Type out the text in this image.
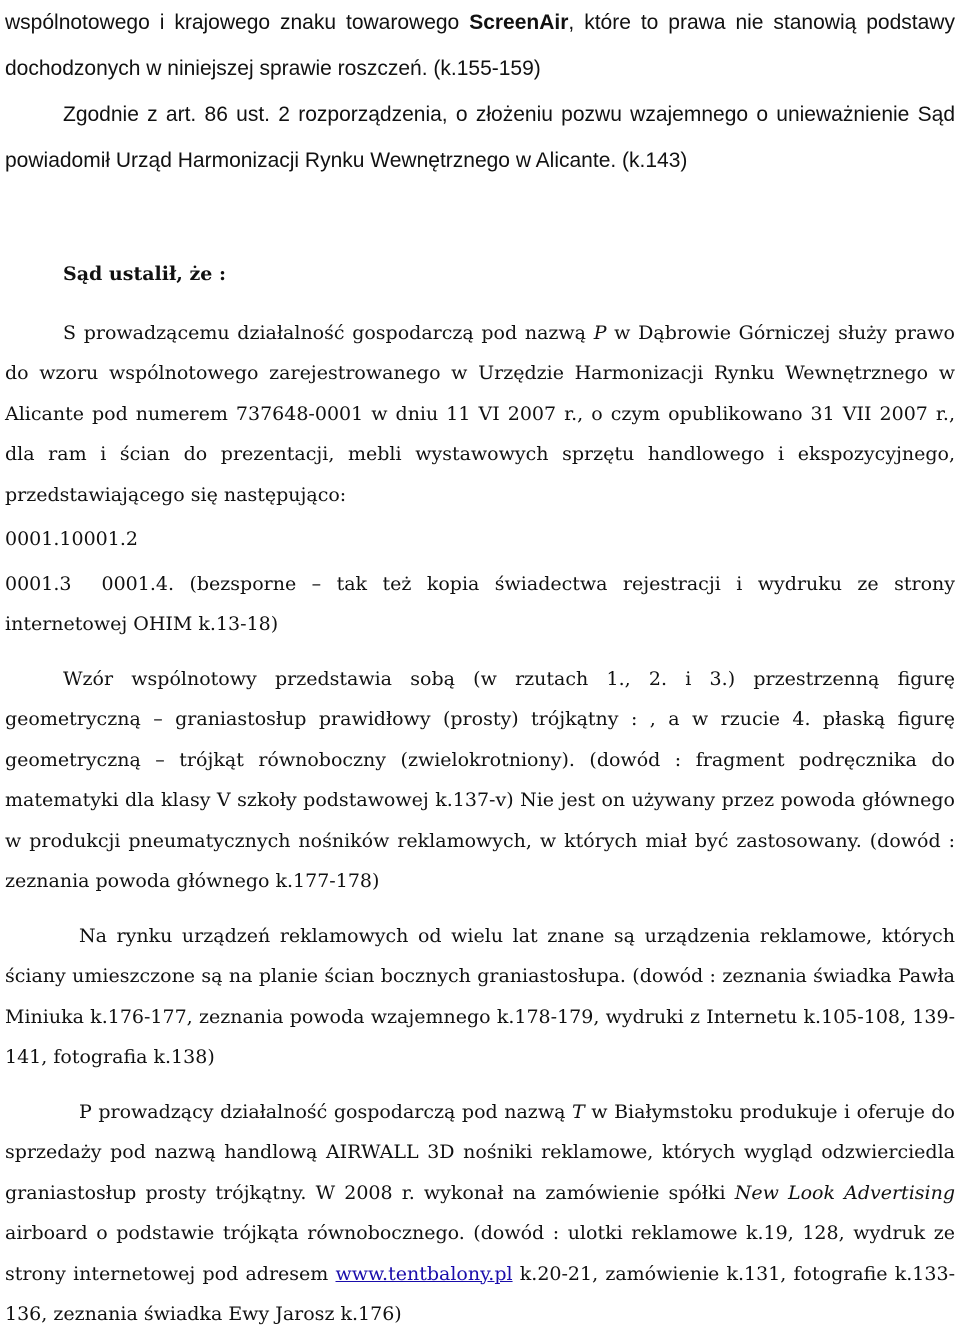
wspólnotowego i krajowego znaku towarowego ScreenAir, które to prawa nie stanowią podstawy dochodzonych w niniejszej sprawie roszczeń. (k.155-159)

Zgodnie z art. 86 ust. 2 rozporządzenia, o złożeniu pozwu wzajemnego o unieważnienie Sąd powiadomił Urząd Harmonizacji Rynku Wewnętrznego w Alicante. (k.143)

Sąd ustalił, że :

S prowadzącemu działalność gospodarczą pod nazwą P w Dąbrowie Górniczej służy prawo do wzoru wspólnotowego zarejestrowanego w Urzędzie Harmonizacji Rynku Wewnętrznego w Alicante pod numerem 737648-0001 w dniu 11 VI 2007 r., o czym opublikowano 31 VII 2007 r., dla ram i ścian do prezentacji, mebli wystawowych sprzętu handlowego i ekspozycyjnego, przedstawiającego się następująco:

0001.10001.2

0001.3 0001.4. (bezsporne – tak też kopia świadectwa rejestracji i wydruku ze strony internetowej OHIM k.13-18)

Wzór wspólnotowy przedstawia sobą (w rzutach 1., 2. i 3.) przestrzenną figurę geometryczną – graniastosłup prawidłowy (prosty) trójkątny : , a w rzucie 4. płaską figurę geometryczną – trójkąt równoboczny (zwielokrotniony). (dowód : fragment podręcznika do matematyki dla klasy V szkoły podstawowej k.137-v) Nie jest on używany przez powoda głównego w produkcji pneumatycznych nośników reklamowych, w których miał być zastosowany. (dowód : zeznania powoda głównego k.177-178)

Na rynku urządzeń reklamowych od wielu lat znane są urządzenia reklamowe, których ściany umieszczone są na planie ścian bocznych graniastosłupa. (dowód : zeznania świadka Pawła Miniuka k.176-177, zeznania powoda wzajemnego k.178-179, wydruki z Internetu k.105-108, 139-141, fotografia k.138)

P prowadzący działalność gospodarczą pod nazwą T w Białymstoku produkuje i oferuje do sprzedaży pod nazwą handlową AIRWALL 3D nośniki reklamowe, których wygląd odzwierciedla graniastosłup prosty trójkątny. W 2008 r. wykonał na zamówienie spółki New Look Advertising airboard o podstawie trójkąta równobocznego. (dowód : ulotki reklamowe k.19, 128, wydruk ze strony internetowej pod adresem www.tentbalony.pl k.20-21, zamówienie k.131, fotografie k.133-136, zeznania świadka Ewy Jarosz k.176)
